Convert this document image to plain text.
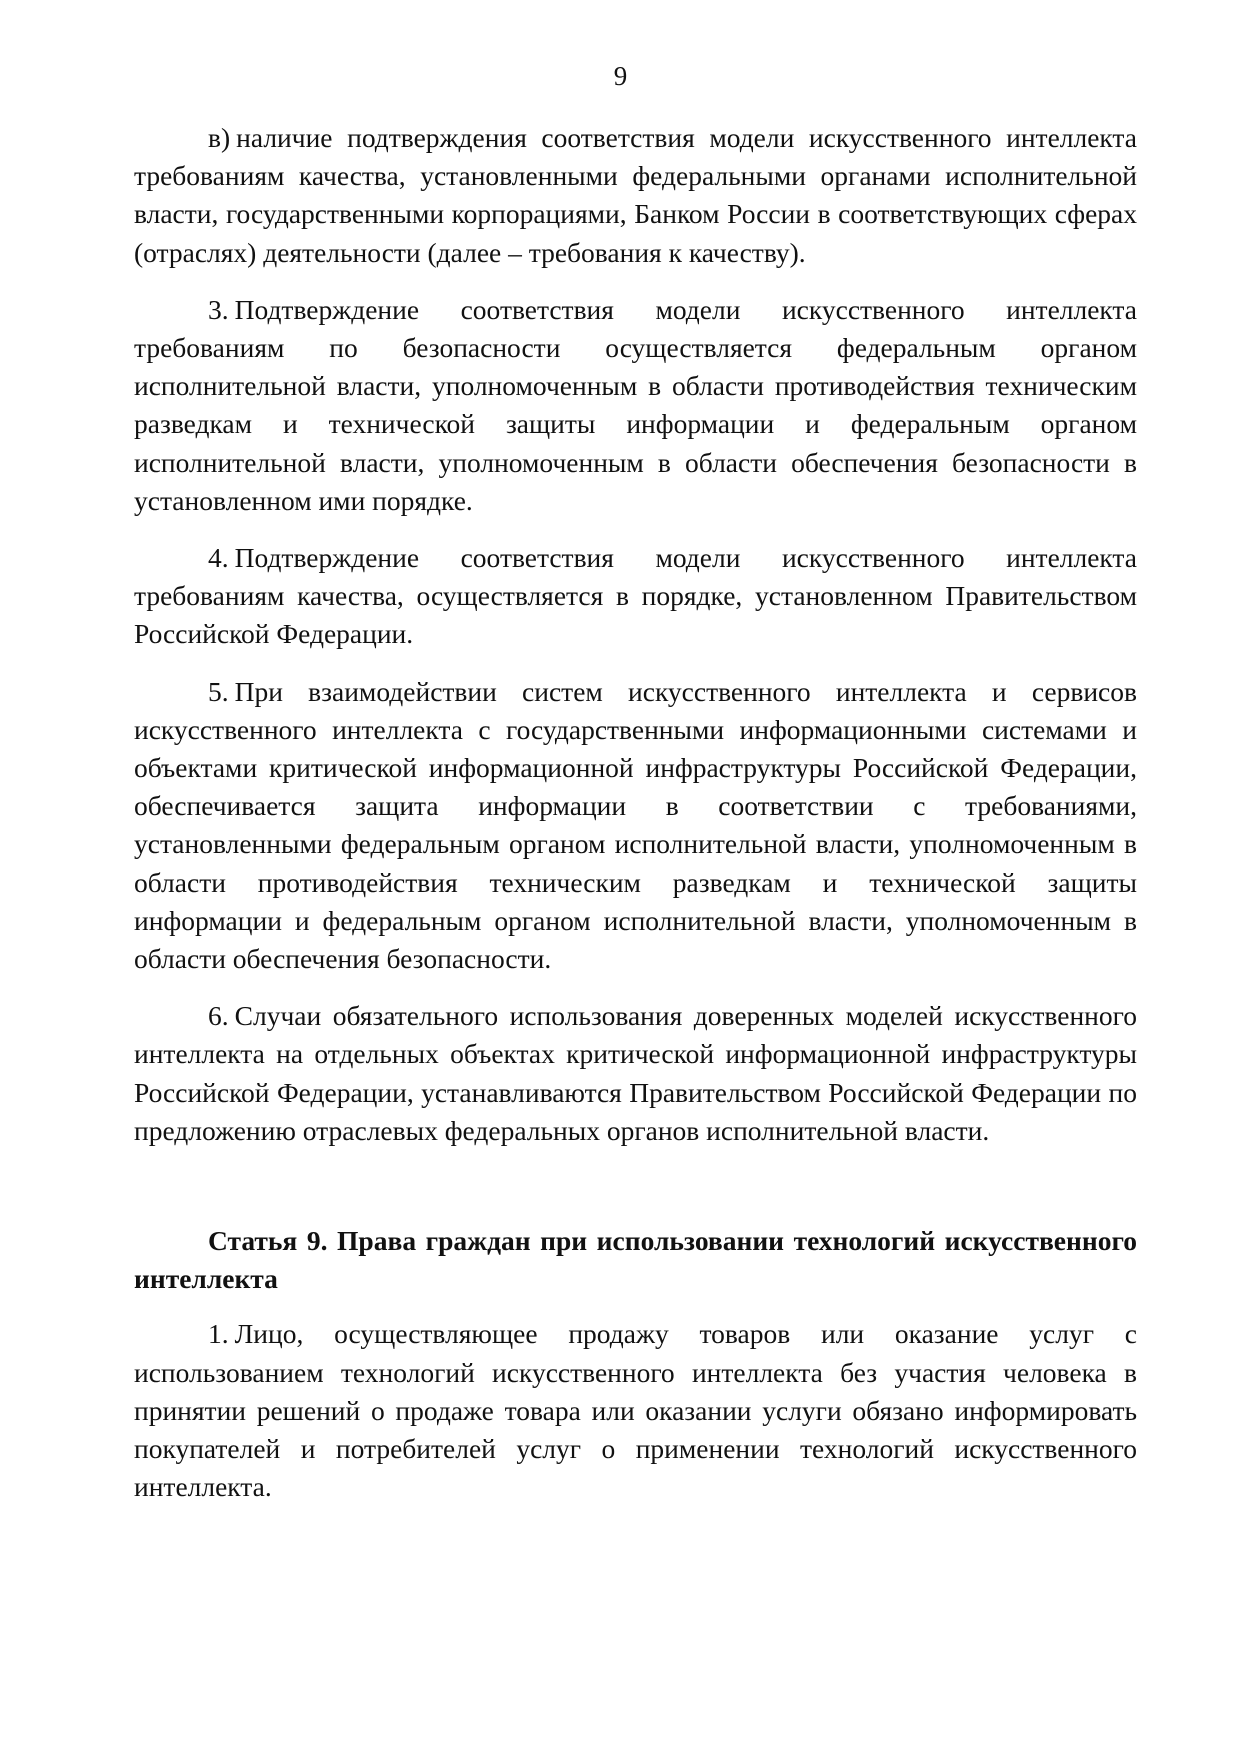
9

в) наличие подтверждения соответствия модели искусственного интеллекта требованиям качества, установленными федеральными органами исполнительной власти, государственными корпорациями, Банком России в соответствующих сферах (отраслях) деятельности (далее – требования к качеству).

3. Подтверждение соответствия модели искусственного интеллекта требованиям по безопасности осуществляется федеральным органом исполнительной власти, уполномоченным в области противодействия техническим разведкам и технической защиты информации и федеральным органом исполнительной власти, уполномоченным в области обеспечения безопасности в установленном ими порядке.

4. Подтверждение соответствия модели искусственного интеллекта требованиям качества, осуществляется в порядке, установленном Правительством Российской Федерации.

5. При взаимодействии систем искусственного интеллекта и сервисов искусственного интеллекта с государственными информационными системами и объектами критической информационной инфраструктуры Российской Федерации, обеспечивается защита информации в соответствии с требованиями, установленными федеральным органом исполнительной власти, уполномоченным в области противодействия техническим разведкам и технической защиты информации и федеральным органом исполнительной власти, уполномоченным в области обеспечения безопасности.

6. Случаи обязательного использования доверенных моделей искусственного интеллекта на отдельных объектах критической информационной инфраструктуры Российской Федерации, устанавливаются Правительством Российской Федерации по предложению отраслевых федеральных органов исполнительной власти.

Статья 9. Права граждан при использовании технологий искусственного интеллекта

1. Лицо, осуществляющее продажу товаров или оказание услуг с использованием технологий искусственного интеллекта без участия человека в принятии решений о продаже товара или оказании услуги обязано информировать покупателей и потребителей услуг о применении технологий искусственного интеллекта.
